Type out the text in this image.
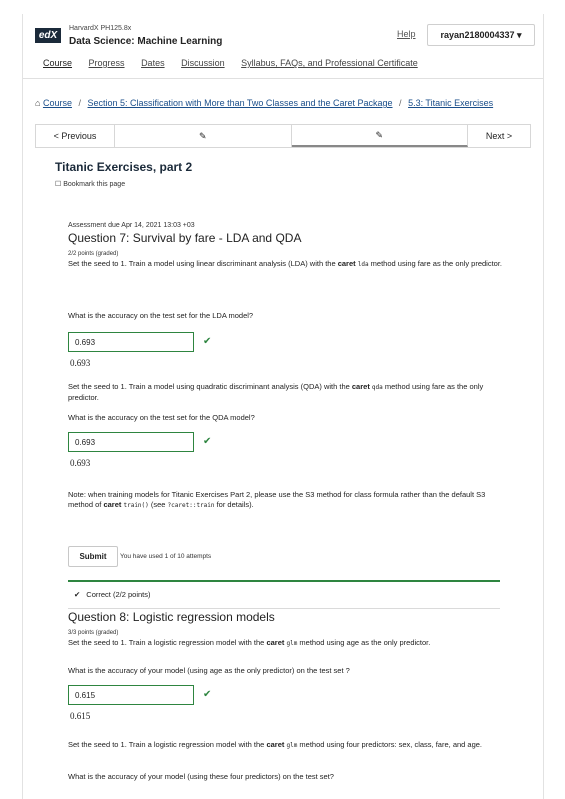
edX
HarvardX PH125.8x
Data Science: Machine Learning
Help	rayan2180004337 ▾
Course Progress Dates Discussion Syllabus, FAQs, and Professional Certificate
⌂ Course / Section 5: Classification with More than Two Classes and the Caret Package / 5.3: Titanic Exercises
< Previous	✎	✎	Next >
Titanic Exercises, part 2
☐ Bookmark this page
Assessment due Apr 14, 2021 13:03 +03
Question 7: Survival by fare - LDA and QDA
2/2 points (graded)
Set the seed to 1. Train a model using linear discriminant analysis (LDA) with the caret lda method using fare as the only predictor.
What is the accuracy on the test set for the LDA model?
0.693	✔
0.693
Set the seed to 1. Train a model using quadratic discriminant analysis (QDA) with the caret qda method using fare as the only predictor.
What is the accuracy on the test set for the QDA model?
0.693	✔
0.693
Note: when training models for Titanic Exercises Part 2, please use the S3 method for class formula rather than the default S3 method of caret train() (see ?caret::train for details).
Submit	You have used 1 of 10 attempts
✔ Correct (2/2 points)
Question 8: Logistic regression models
3/3 points (graded)
Set the seed to 1. Train a logistic regression model with the caret glm method using age as the only predictor.
What is the accuracy of your model (using age as the only predictor) on the test set ?
0.615	✔
0.615
Set the seed to 1. Train a logistic regression model with the caret glm method using four predictors: sex, class, fare, and age.
What is the accuracy of your model (using these four predictors) on the test set?
